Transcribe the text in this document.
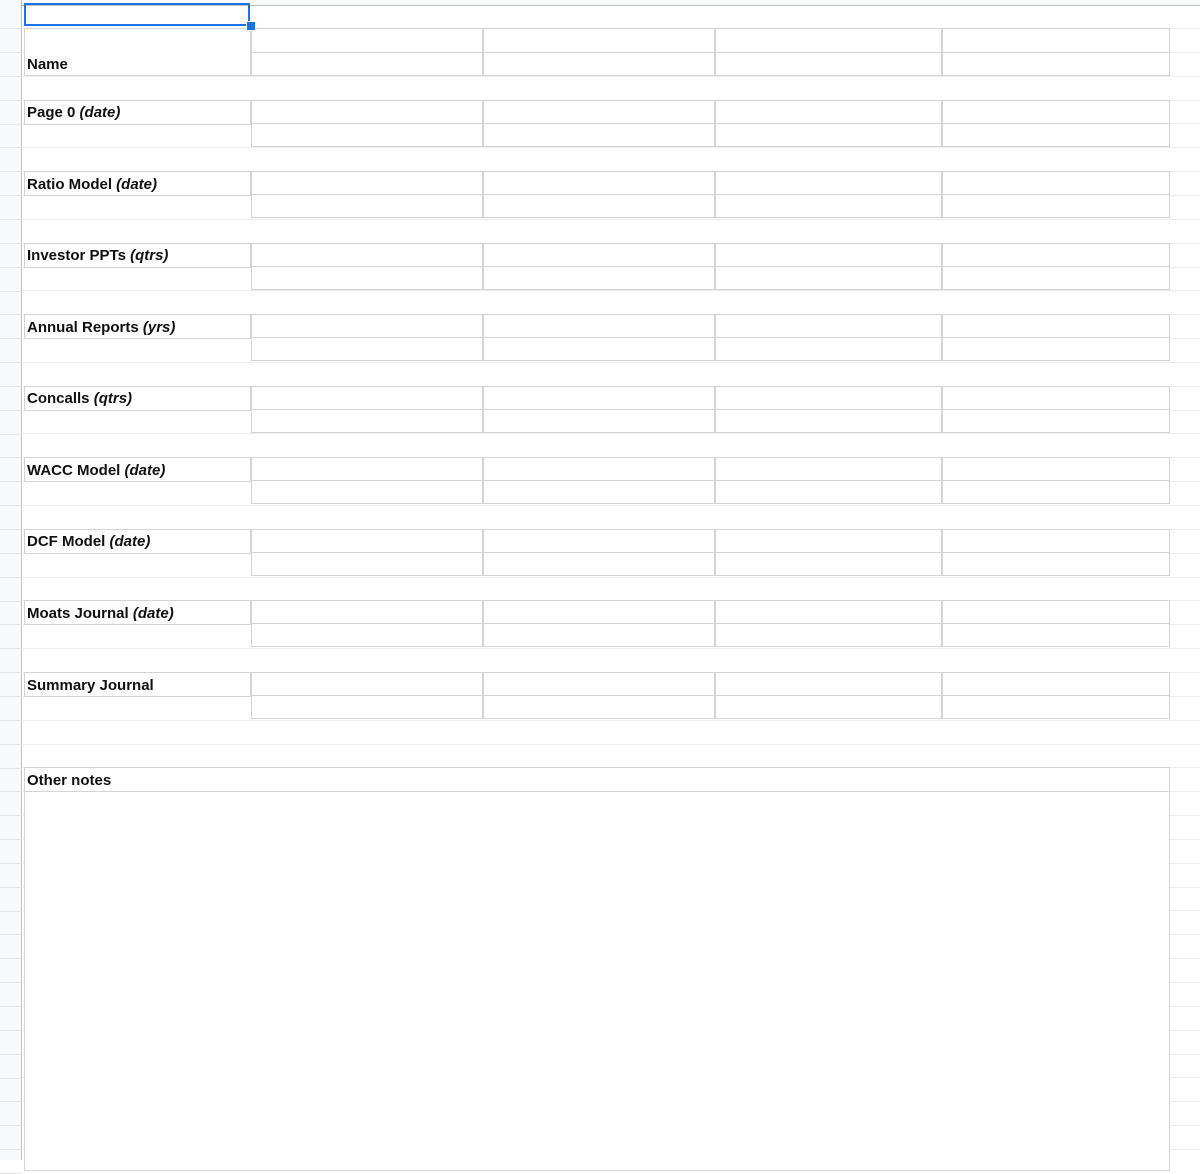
Name
Page 0 (date)
Ratio Model (date)
Investor PPTs (qtrs)
Annual Reports (yrs)
Concalls (qtrs)
WACC Model (date)
DCF Model (date)
Moats Journal (date)
Summary Journal
Other notes
